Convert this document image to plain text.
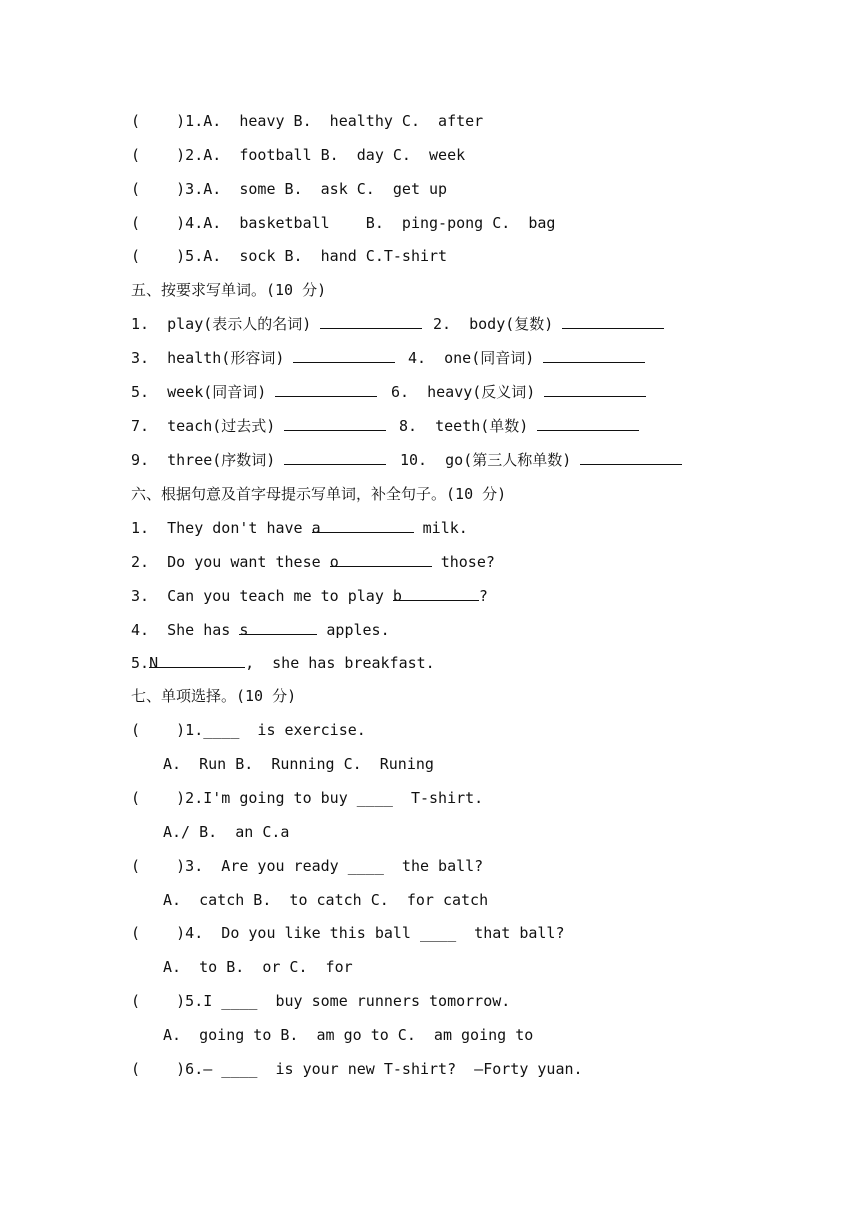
(    )1.A.  heavy B.  healthy C.  after
(    )2.A.  football B.  day C.  week
(    )3.A.  some B.  ask C.  get up
(    )4.A.  basketball    B.  ping-pong C.  bag
(    )5.A.  sock B.  hand C.T-shirt
五、按要求写单词。(10 分)
1.  play(表示人的名词)	2.  body(复数)
3.  health(形容词)	4.  one(同音词)
5.  week(同音词)	6.  heavy(反义词)
7.  teach(过去式)	8.  teeth(单数)
9.  three(序数词)	10.  go(第三人称单数)
六、根据句意及首字母提示写单词，补全句子。(10 分)
1.  They don't have a	milk.
2.  Do you want these o	those?
3.  Can you teach me to play b	?
4.  She has s	apples.
5.N	,  she has breakfast.
七、单项选择。(10 分)
(    )1.____  is exercise.
A.  Run B.  Running C.  Runing
(    )2.I'm going to buy ____  T-shirt.
A./ B.  an C.a
(    )3.  Are you ready ____  the ball?
A.  catch B.  to catch C.  for catch
(    )4.  Do you like this ball ____  that ball?
A.  to B.  or C.  for
(    )5.I ____  buy some runners tomorrow.
A.  going to B.  am go to C.  am going to
(    )6.— ____  is your new T-shirt?  —Forty yuan.
